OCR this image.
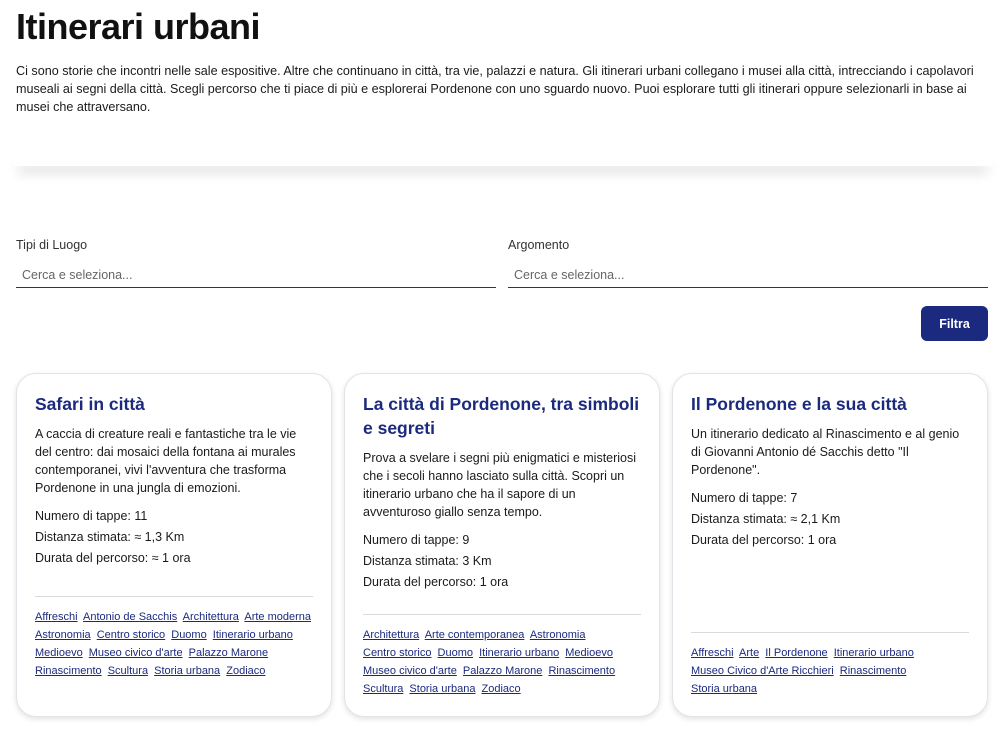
Itinerari urbani

Ci sono storie che incontri nelle sale espositive. Altre che continuano in città, tra vie, palazzi e natura. Gli itinerari urbani collegano i musei alla città, intrecciando i capolavori museali ai segni della città. Scegli percorso che ti piace di più e esplorerai Pordenone con uno sguardo nuovo. Puoi esplorare tutti gli itinerari oppure selezionarli in base ai musei che attraversano.

Tipi di Luogo
Cerca e seleziona...	Argomento
Cerca e seleziona...
Filtra
Safari in città

A caccia di creature reali e fantastiche tra le vie del centro: dai mosaici della fontana ai murales contemporanei, vivi l'avventura che trasforma Pordenone in una jungla di emozioni.

Numero di tappe: 11
Distanza stimata: ≈ 1,3 Km
Durata del percorso: ≈ 1 ora
Affreschi Antonio de Sacchis Architettura Arte moderna Astronomia Centro storico Duomo Itinerario urbano Medioevo Museo civico d'arte Palazzo Marone Rinascimento Scultura Storia urbana Zodiaco
La città di Pordenone, tra simboli e segreti

Prova a svelare i segni più enigmatici e misteriosi che i secoli hanno lasciato sulla città. Scopri un itinerario urbano che ha il sapore di un avventuroso giallo senza tempo.

Numero di tappe: 9
Distanza stimata: 3 Km
Durata del percorso: 1 ora
Architettura Arte contemporanea Astronomia Centro storico Duomo Itinerario urbano Medioevo Museo civico d'arte Palazzo Marone Rinascimento Scultura Storia urbana Zodiaco
Il Pordenone e la sua città

Un itinerario dedicato al Rinascimento e al genio di Giovanni Antonio dé Sacchis detto "Il Pordenone".

Numero di tappe: 7
Distanza stimata: ≈ 2,1 Km
Durata del percorso: 1 ora
Affreschi Arte Il Pordenone Itinerario urbano Museo Civico d'Arte Ricchieri Rinascimento Storia urbana
